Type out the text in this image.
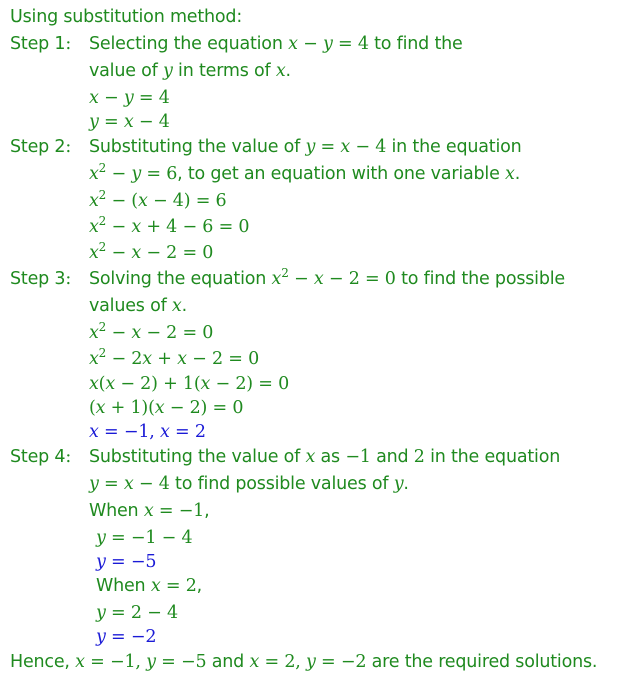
Using substitution method:
Step 1: Selecting the equation x − y = 4 to find the
value of y in terms of x.
x − y = 4
y = x − 4
Step 2: Substituting the value of y = x − 4 in the equation
$x^2 - y = 6$, to get an equation with one variable x.
$x^2 - (x - 4) = 6$
$x^2 - x + 4 - 6 = 0$
$x^2 - x - 2 = 0$
Step 3: Solving the equation $x^2 - x - 2 = 0$ to find the possible
values of x.
$x^2 - x - 2 = 0$
$x^2 - 2x + x - 2 = 0$
x(x − 2) + 1(x − 2) = 0
(x + 1)(x − 2) = 0
x = −1, x = 2
Step 4: Substituting the value of x as −1 and 2 in the equation
y = x − 4 to find possible values of y.
When x = −1,
y = −1 − 4
y = −5
When x = 2,
y = 2 − 4
y = −2
Hence, x = −1, y = −5 and x = 2, y = −2 are the required solutions.
